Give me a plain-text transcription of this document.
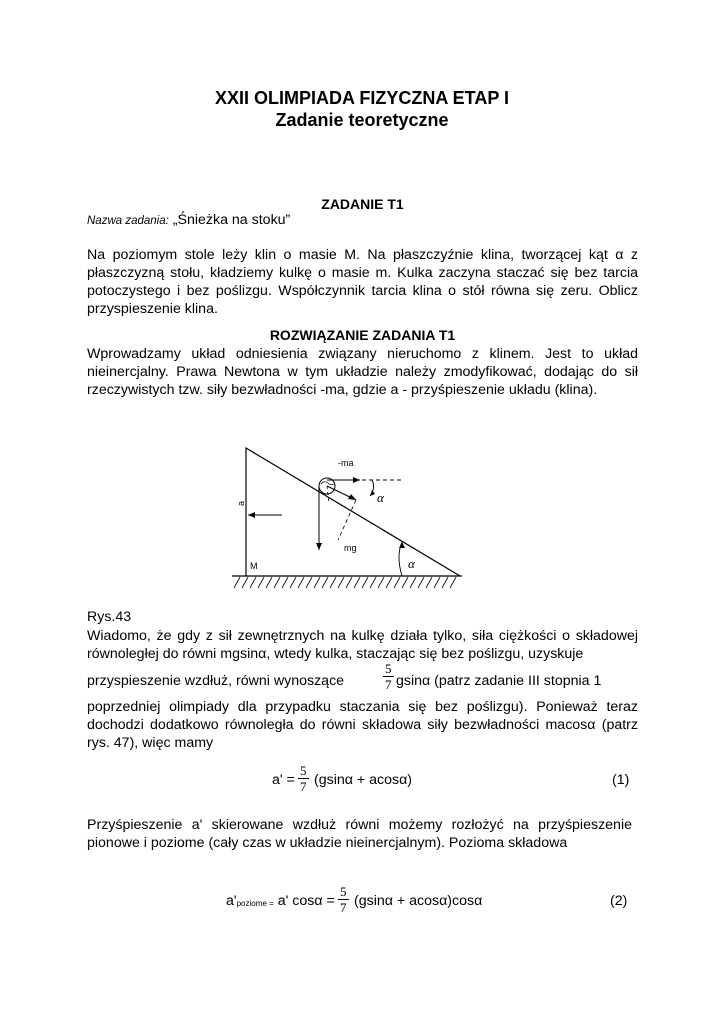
XXII OLIMPIADA FIZYCZNA ETAP I
Zadanie teoretyczne
ZADANIE T1
Nazwa zadania: „Śnieżka na stoku”
Na poziomym stole leży klin o masie M. Na płaszczyźnie klina, tworzącej kąt α z płaszczyzną stołu, kładziemy kulkę o masie m. Kulka zaczyna staczać się bez tarcia potoczystego i bez poślizgu. Współczynnik tarcia klina o stół równa się zeru. Oblicz przyspieszenie klina.
ROZWIĄZANIE ZADANIA T1
Wprowadzamy układ odniesienia związany nieruchomo z klinem. Jest to układ nieinercjalny. Prawa Newtona w tym układzie należy zmodyfikować, dodając do sił rzeczywistych tzw. siły bezwładności -ma, gdzie a - przyśpieszenie układu (klina).
a
-ma
mg
α
α
M
Rys.43
Wiadomo, że gdy z sił zewnętrznych na kulkę działa tylko, siła ciężkości o składowej równoległej do równi mgsinα, wtedy kulka, staczając się bez poślizgu, uzyskuje
przyspieszenie wzdłuż, równi wynoszące	$\frac{5}{7}$ gsinα (patrz zadanie III stopnia 1
poprzedniej olimpiady dla przypadku staczania się bez poślizgu). Ponieważ teraz dochodzi dodatkowo równoległa do równi składowa siły bezwładności macosα (patrz rys. 47), więc mamy
$a' = \frac{5}{7} (gsin\alpha + acos\alpha)$	(1)
Przyśpieszenie a' skierowane wzdłuż równi możemy rozłożyć na przyśpieszenie pionowe i poziome (cały czas w układzie nieinercjalnym). Pozioma składowa
$a'_{poziome =}$ a' $\cos\alpha = \frac{5}{7} (gsin\alpha + acos\alpha)\cos\alpha$	(2)
